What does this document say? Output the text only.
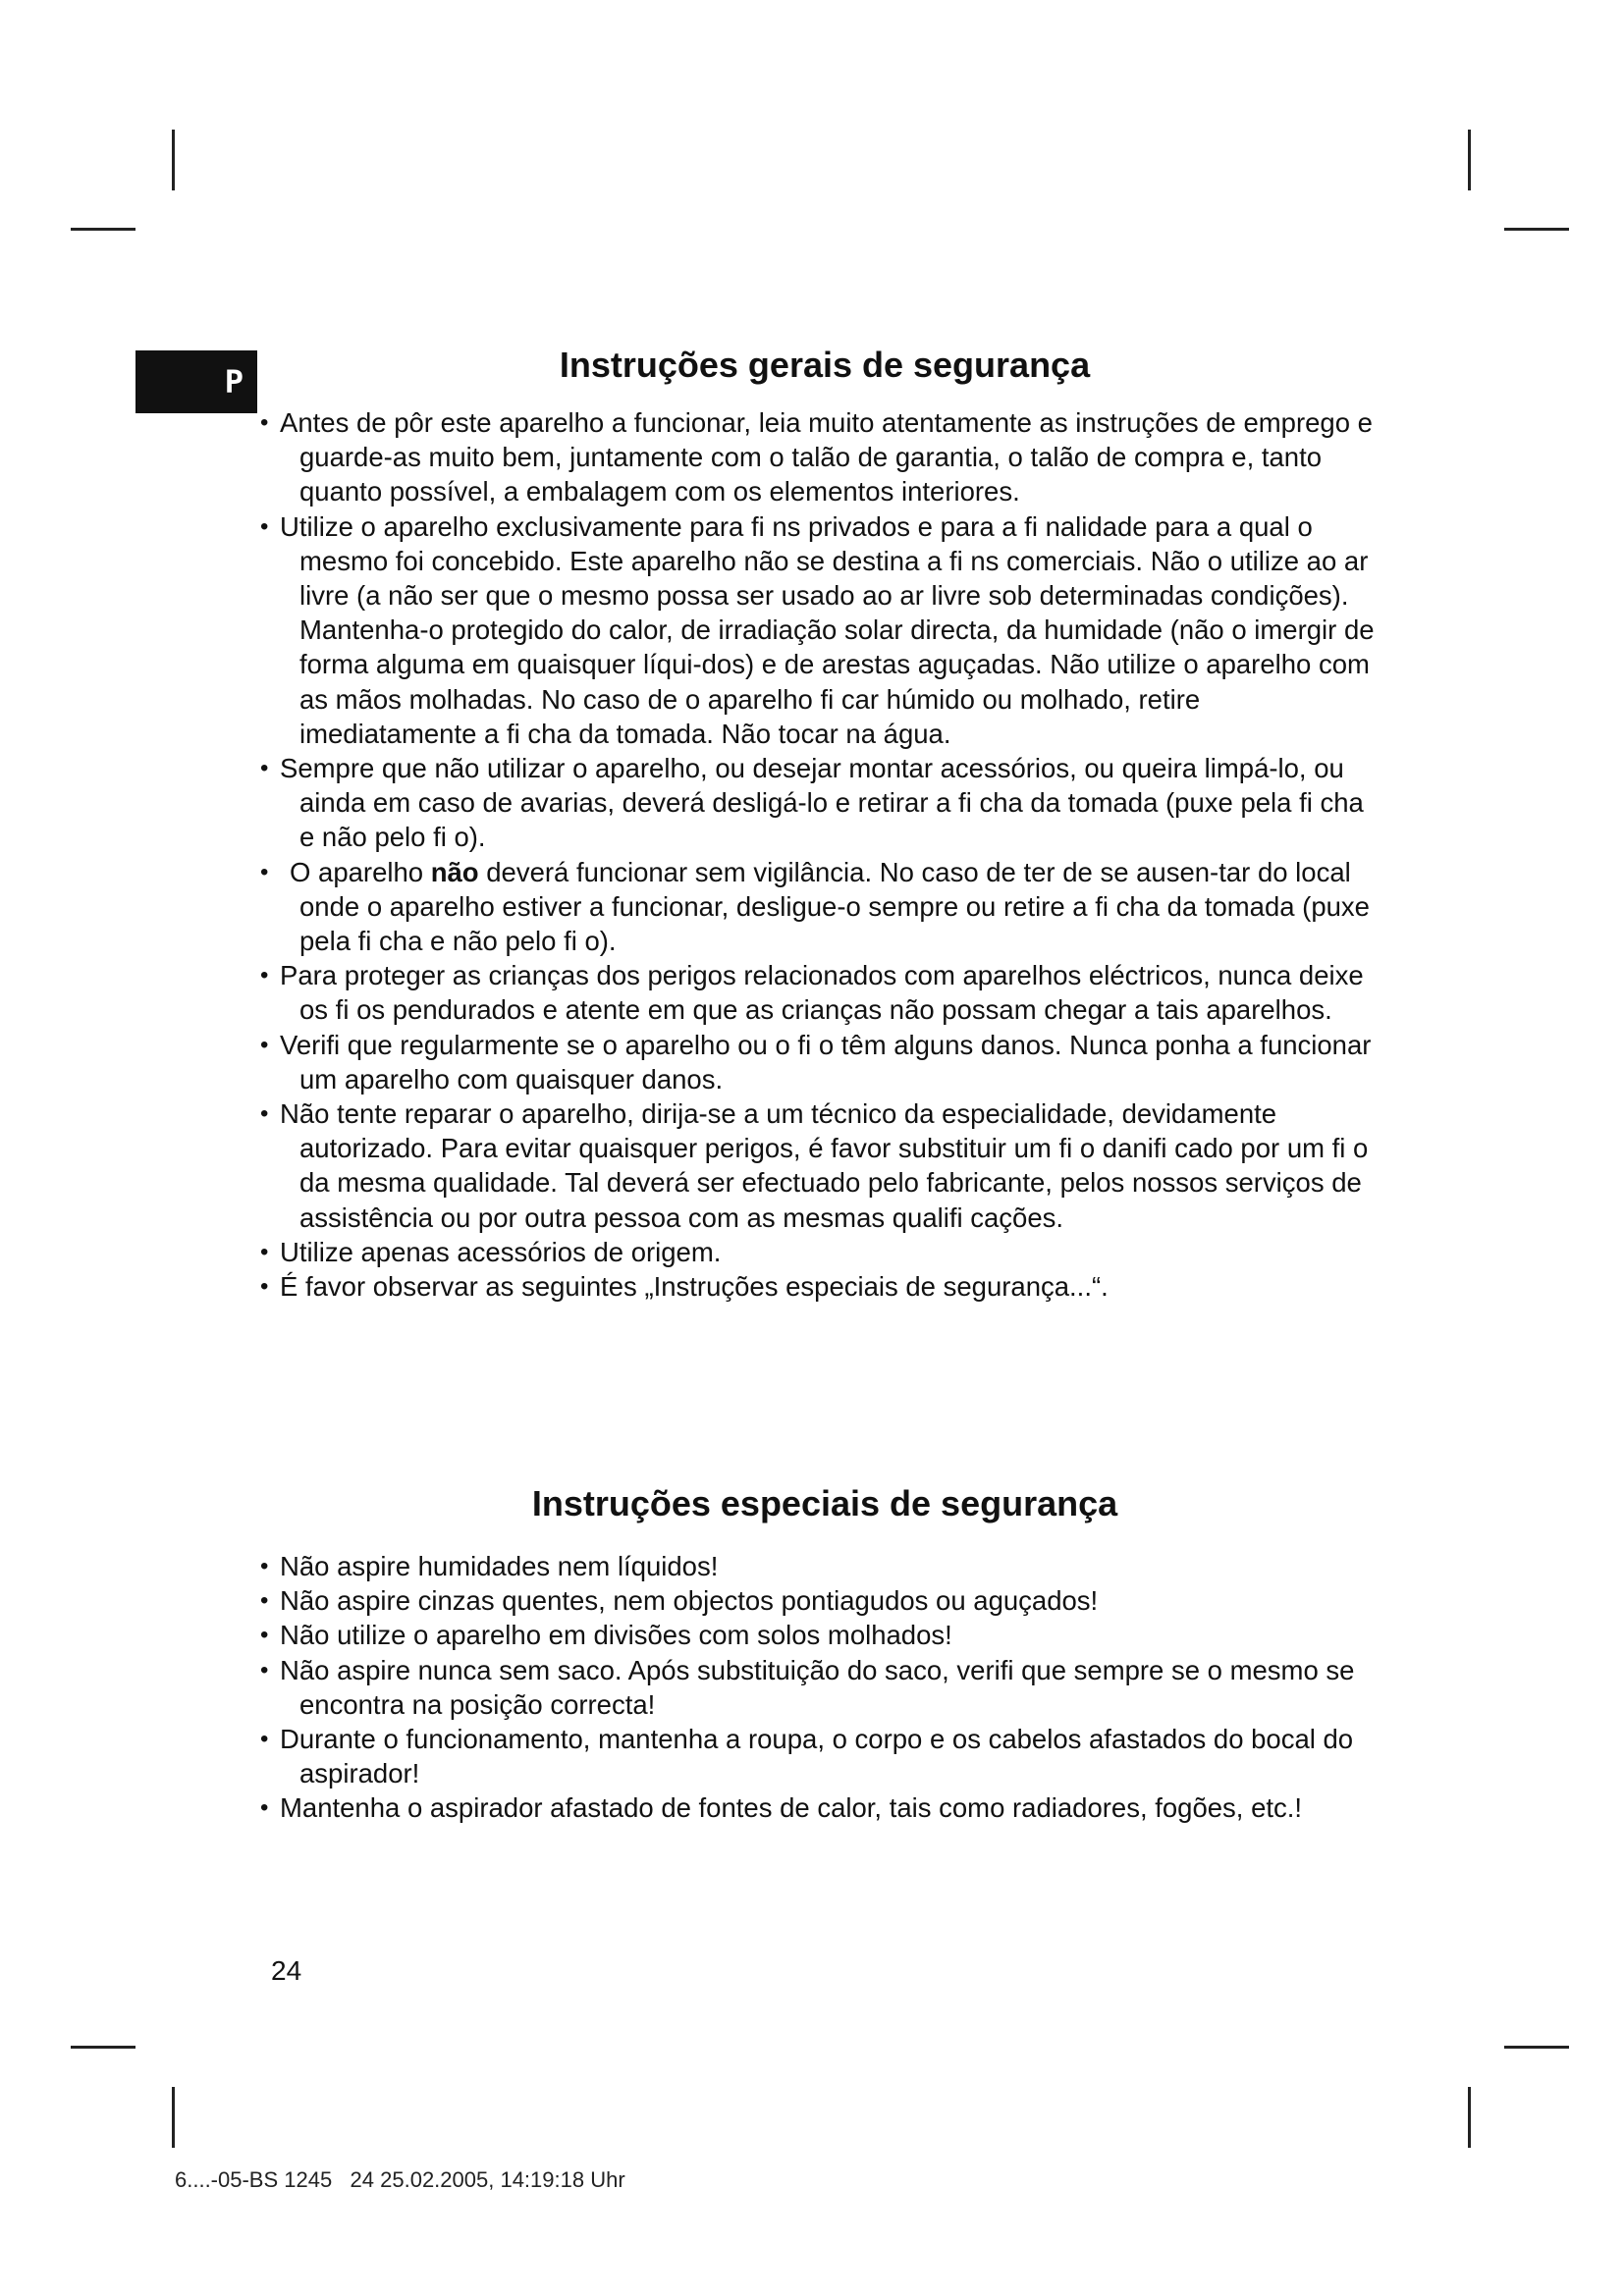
P	Instruções gerais de segurança
• Antes de pôr este aparelho a funcionar, leia muito atentamente as instruções de emprego e guarde-as muito bem, juntamente com o talão de garantia, o talão de compra e, tanto quanto possível, a embalagem com os elementos interiores.
• Utilize o aparelho exclusivamente para fi ns privados e para a fi nalidade para a qual o mesmo foi concebido. Este aparelho não se destina a fi ns comerciais. Não o utilize ao ar livre (a não ser que o mesmo possa ser usado ao ar livre sob determinadas condições). Mantenha-o protegido do calor, de irradiação solar directa, da humidade (não o imergir de forma alguma em quaisquer líqui-dos) e de arestas aguçadas. Não utilize o aparelho com as mãos molhadas. No caso de o aparelho fi car húmido ou molhado, retire imediatamente a fi cha da tomada. Não tocar na água.
• Sempre que não utilizar o aparelho, ou desejar montar acessórios, ou queira limpá-lo, ou ainda em caso de avarias, deverá desligá-lo e retirar a fi cha da tomada (puxe pela fi cha e não pelo fi o).
• O aparelho não deverá funcionar sem vigilância. No caso de ter de se ausen-tar do local onde o aparelho estiver a funcionar, desligue-o sempre ou retire a fi cha da tomada (puxe pela fi cha e não pelo fi o).
• Para proteger as crianças dos perigos relacionados com aparelhos eléctricos, nunca deixe os fi os pendurados e atente em que as crianças não possam chegar a tais aparelhos.
• Verifi que regularmente se o aparelho ou o fi o têm alguns danos. Nunca ponha a funcionar um aparelho com quaisquer danos.
• Não tente reparar o aparelho, dirija-se a um técnico da especialidade, devidamente autorizado. Para evitar quaisquer perigos, é favor substituir um fi o danifi cado por um fi o da mesma qualidade. Tal deverá ser efectuado pelo fabricante, pelos nossos serviços de assistência ou por outra pessoa com as mesmas qualifi cações.
• Utilize apenas acessórios de origem.
• É favor observar as seguintes „Instruções especiais de segurança...“.
Instruções especiais de segurança
• Não aspire humidades nem líquidos!
• Não aspire cinzas quentes, nem objectos pontiagudos ou aguçados!
• Não utilize o aparelho em divisões com solos molhados!
• Não aspire nunca sem saco. Após substituição do saco, verifi que sempre se o mesmo se encontra na posição correcta!
• Durante o funcionamento, mantenha a roupa, o corpo e os cabelos afastados do bocal do aspirador!
• Mantenha o aspirador afastado de fontes de calor, tais como radiadores, fogões, etc.!
24
6....-05-BS 1245   24 25.02.2005, 14:19:18 Uhr
